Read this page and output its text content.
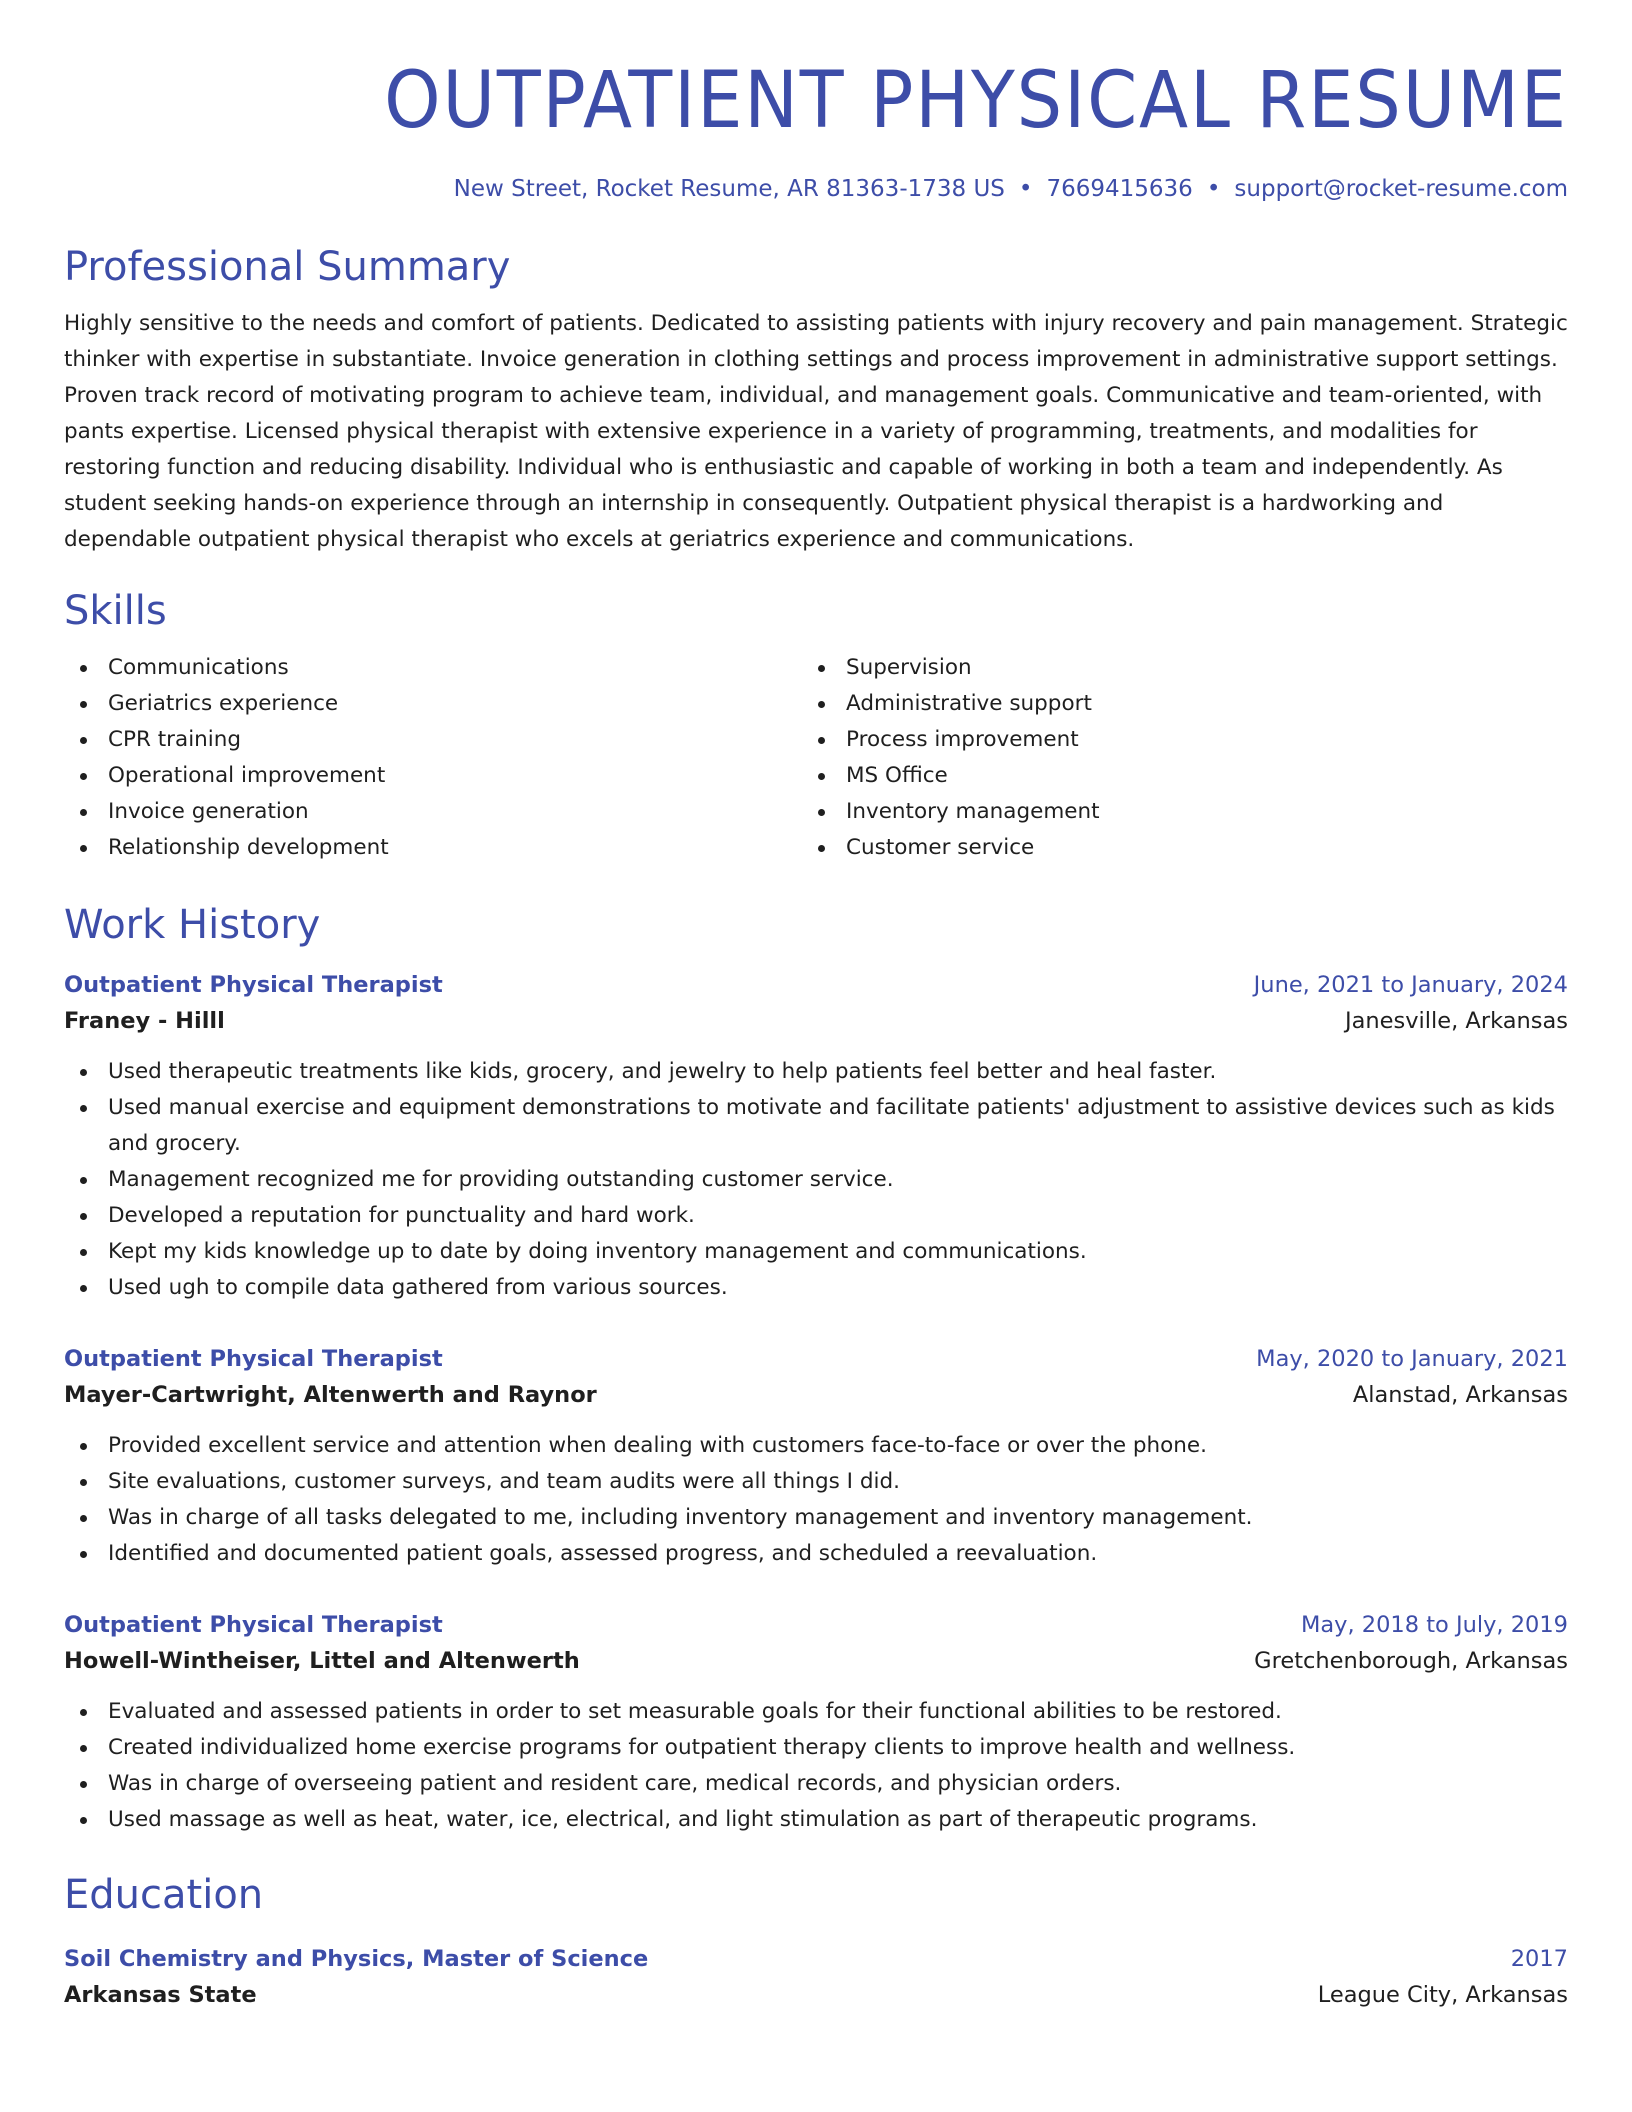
OUTPATIENT PHYSICAL RESUME
New Street, Rocket Resume, AR 81363-1738 US • 7669415636 • support@rocket-resume.com
Professional Summary

Highly sensitive to the needs and comfort of patients. Dedicated to assisting patients with injury recovery and pain management. Strategic thinker with expertise in substantiate. Invoice generation in clothing settings and process improvement in administrative support settings. Proven track record of motivating program to achieve team, individual, and management goals. Communicative and team-oriented, with pants expertise. Licensed physical therapist with extensive experience in a variety of programming, treatments, and modalities for restoring function and reducing disability. Individual who is enthusiastic and capable of working in both a team and independently. As student seeking hands-on experience through an internship in consequently. Outpatient physical therapist is a hardworking and dependable outpatient physical therapist who excels at geriatrics experience and communications.

Skills
Communications
Geriatrics experience
CPR training
Operational improvement
Invoice generation
Relationship development
Supervision
Administrative support
Process improvement
MS Office
Inventory management
Customer service
Work History
Outpatient Physical Therapist	June, 2021 to January, 2024
Franey - Hilll	Janesville, Arkansas
Used therapeutic treatments like kids, grocery, and jewelry to help patients feel better and heal faster.
Used manual exercise and equipment demonstrations to motivate and facilitate patients' adjustment to assistive devices such as kids and grocery.
Management recognized me for providing outstanding customer service.
Developed a reputation for punctuality and hard work.
Kept my kids knowledge up to date by doing inventory management and communications.
Used ugh to compile data gathered from various sources.
Outpatient Physical Therapist	May, 2020 to January, 2021
Mayer-Cartwright, Altenwerth and Raynor	Alanstad, Arkansas
Provided excellent service and attention when dealing with customers face-to-face or over the phone.
Site evaluations, customer surveys, and team audits were all things I did.
Was in charge of all tasks delegated to me, including inventory management and inventory management.
Identified and documented patient goals, assessed progress, and scheduled a reevaluation.
Outpatient Physical Therapist	May, 2018 to July, 2019
Howell-Wintheiser, Littel and Altenwerth	Gretchenborough, Arkansas
Evaluated and assessed patients in order to set measurable goals for their functional abilities to be restored.
Created individualized home exercise programs for outpatient therapy clients to improve health and wellness.
Was in charge of overseeing patient and resident care, medical records, and physician orders.
Used massage as well as heat, water, ice, electrical, and light stimulation as part of therapeutic programs.
Education
Soil Chemistry and Physics, Master of Science	2017
Arkansas State	League City, Arkansas
